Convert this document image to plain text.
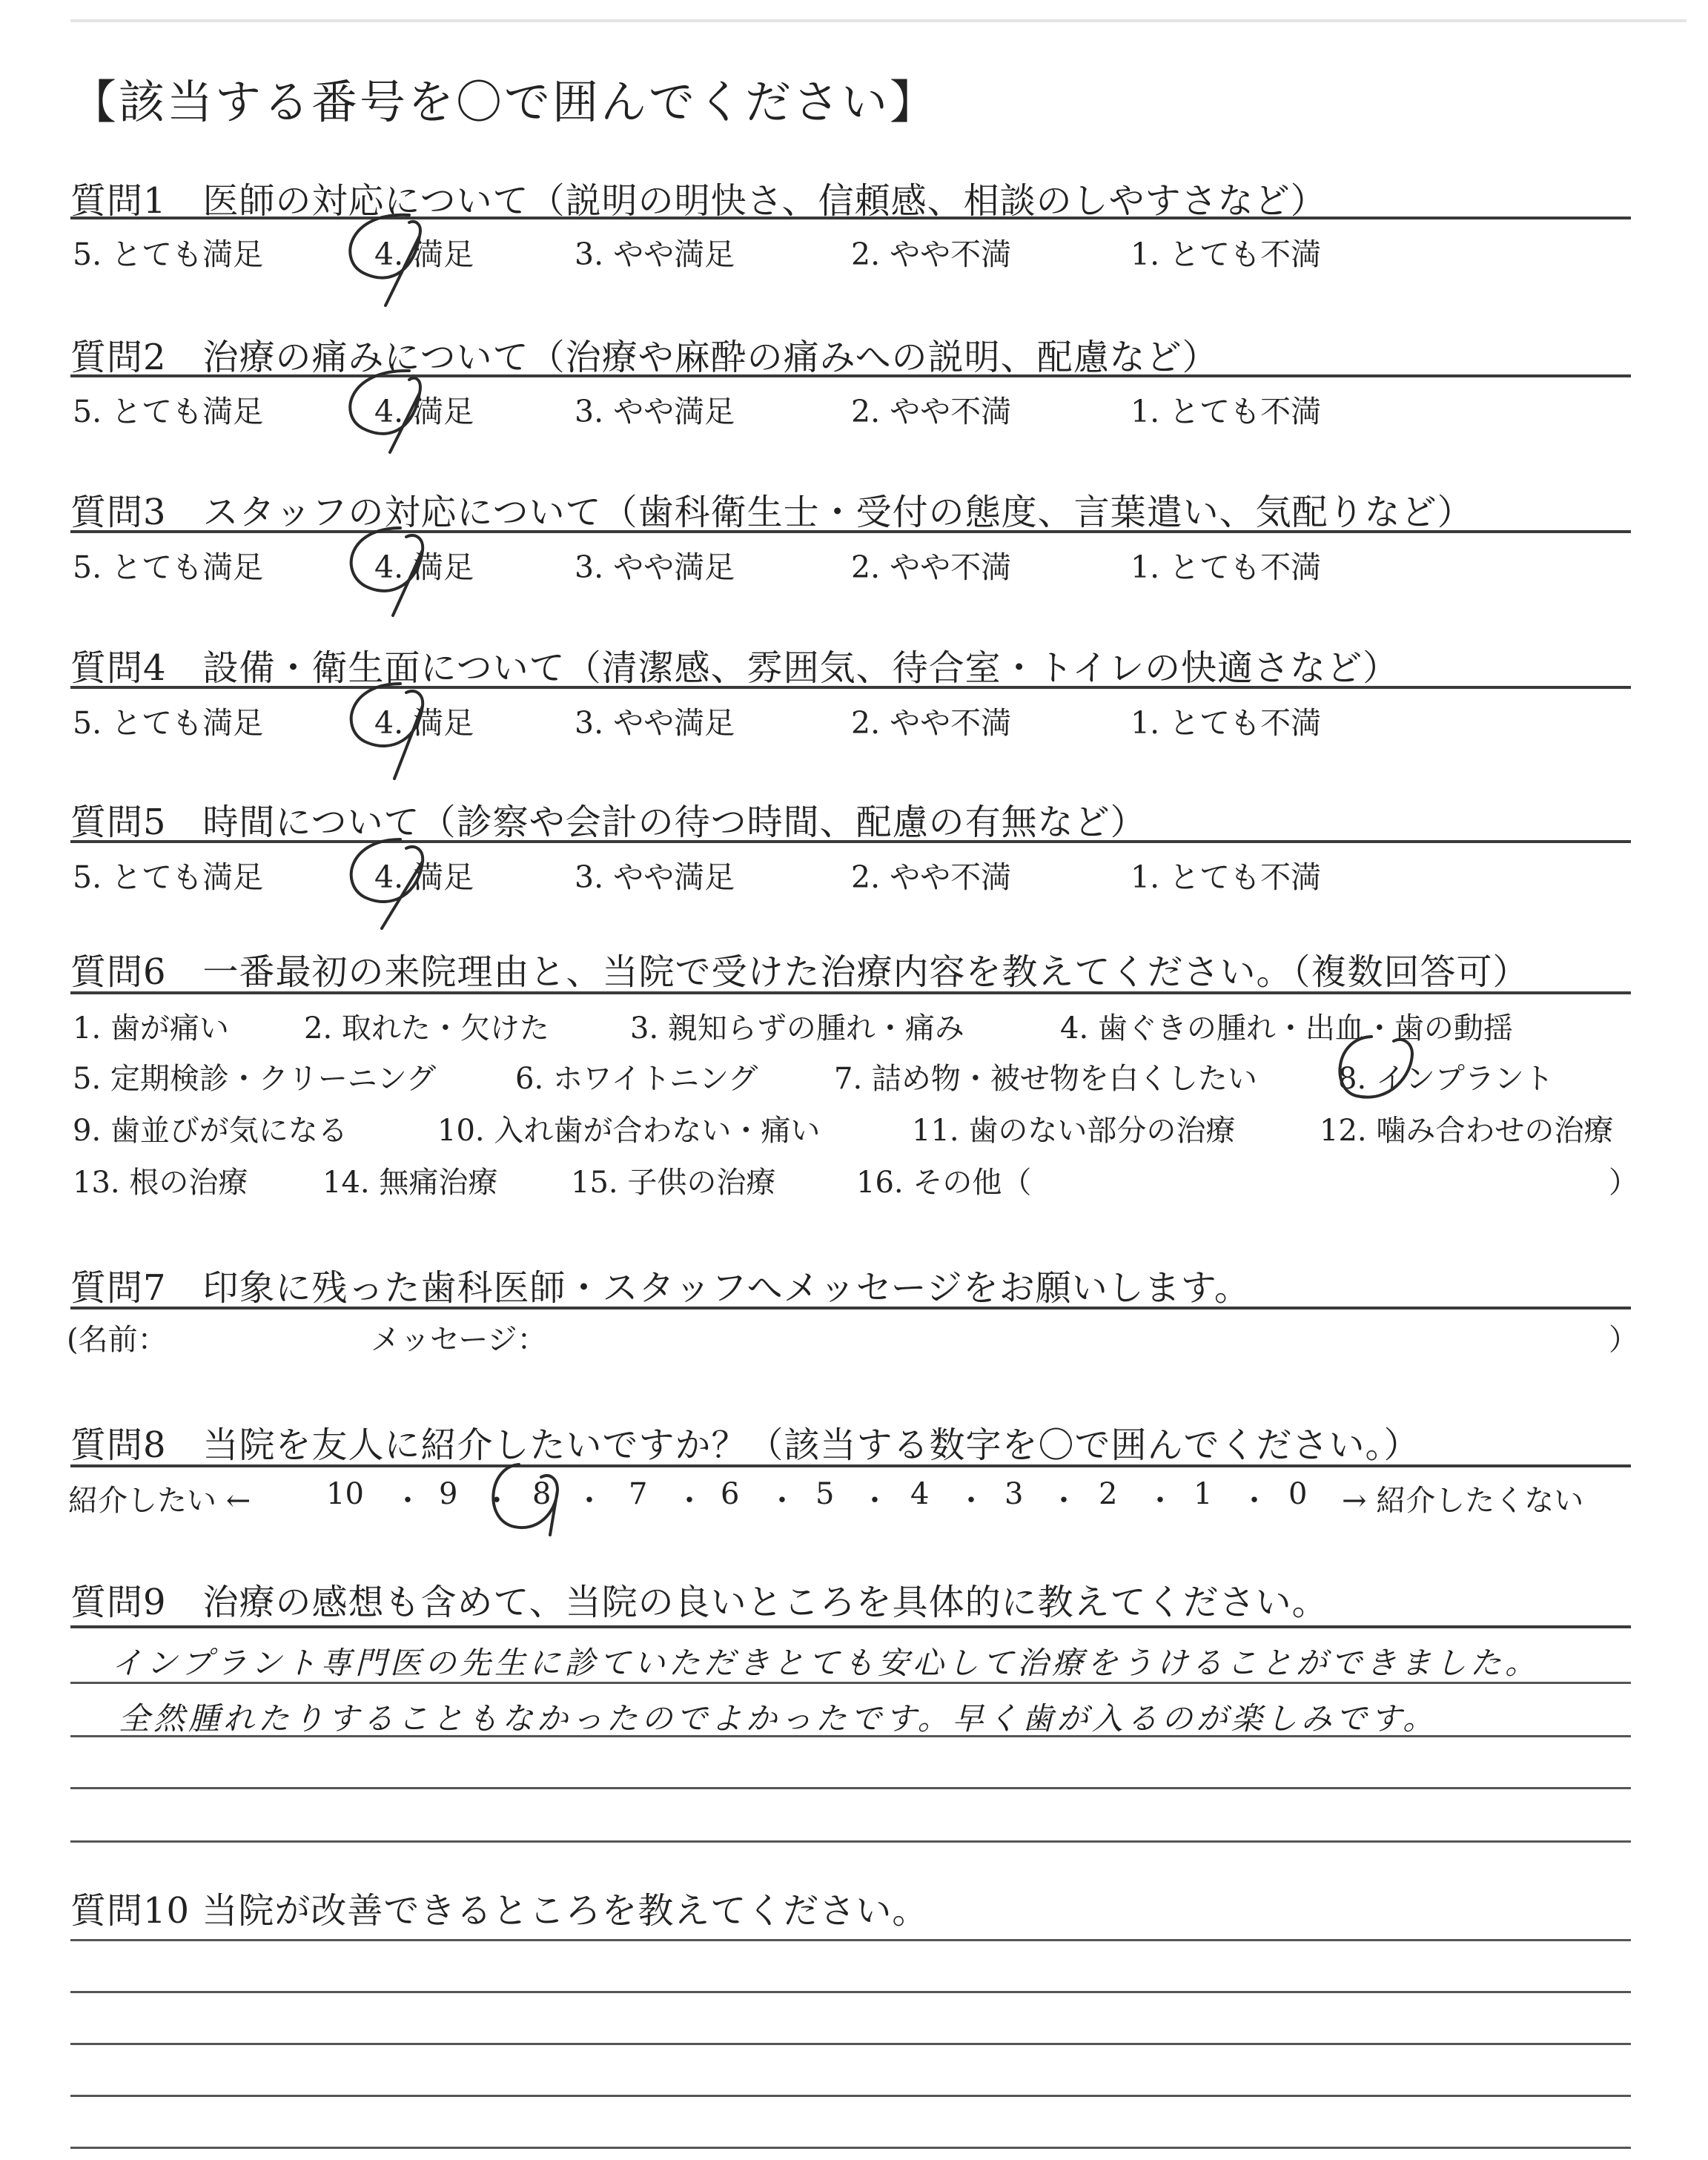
【該当する番号を〇で囲んでください】
質問1　医師の対応について（説明の明快さ、信頼感、相談のしやすさなど）
5. とても満足	4. 満足	3. やや満足	2. やや不満	1. とても不満
質問2　治療の痛みについて（治療や麻酔の痛みへの説明、配慮など）
5. とても満足	4. 満足	3. やや満足	2. やや不満	1. とても不満
質問3　スタッフの対応について（歯科衛生士・受付の態度、言葉遣い、気配りなど）
5. とても満足	4. 満足	3. やや満足	2. やや不満	1. とても不満
質問4　設備・衛生面について（清潔感、雰囲気、待合室・トイレの快適さなど）
5. とても満足	4. 満足	3. やや満足	2. やや不満	1. とても不満
質問5　時間について（診察や会計の待つ時間、配慮の有無など）
5. とても満足	4. 満足	3. やや満足	2. やや不満	1. とても不満
質問6　一番最初の来院理由と、当院で受けた治療内容を教えてください。（複数回答可）
1. 歯が痛い	2. 取れた・欠けた	3. 親知らずの腫れ・痛み	4. 歯ぐきの腫れ・出血・歯の動揺
5. 定期検診・クリーニング	6. ホワイトニング	7. 詰め物・被せ物を白くしたい	8. インプラント
9. 歯並びが気になる	10. 入れ歯が合わない・痛い	11. 歯のない部分の治療	12. 噛み合わせの治療
13. 根の治療	14. 無痛治療 15. 子供の治療	16. その他（	）
質問7　印象に残った歯科医師・スタッフへメッセージをお願いします。
(名前：	メッセージ：	）
質問8　当院を友人に紹介したいですか？（該当する数字を〇で囲んでください。）
紹介したい ←	10 ・ 9 ・ 8 ・ 7 ・ 6 ・ 5 ・ 4 ・ 3 ・ 2 ・ 1 ・ 0 → 紹介したくない
質問9　治療の感想も含めて、当院の良いところを具体的に教えてください。
インプラント専門医の先生に診ていただきとても安心して治療をうけることができました。
全然腫れたりすることもなかったのでよかったです。早く歯が入るのが楽しみです。
質問10 当院が改善できるところを教えてください。
